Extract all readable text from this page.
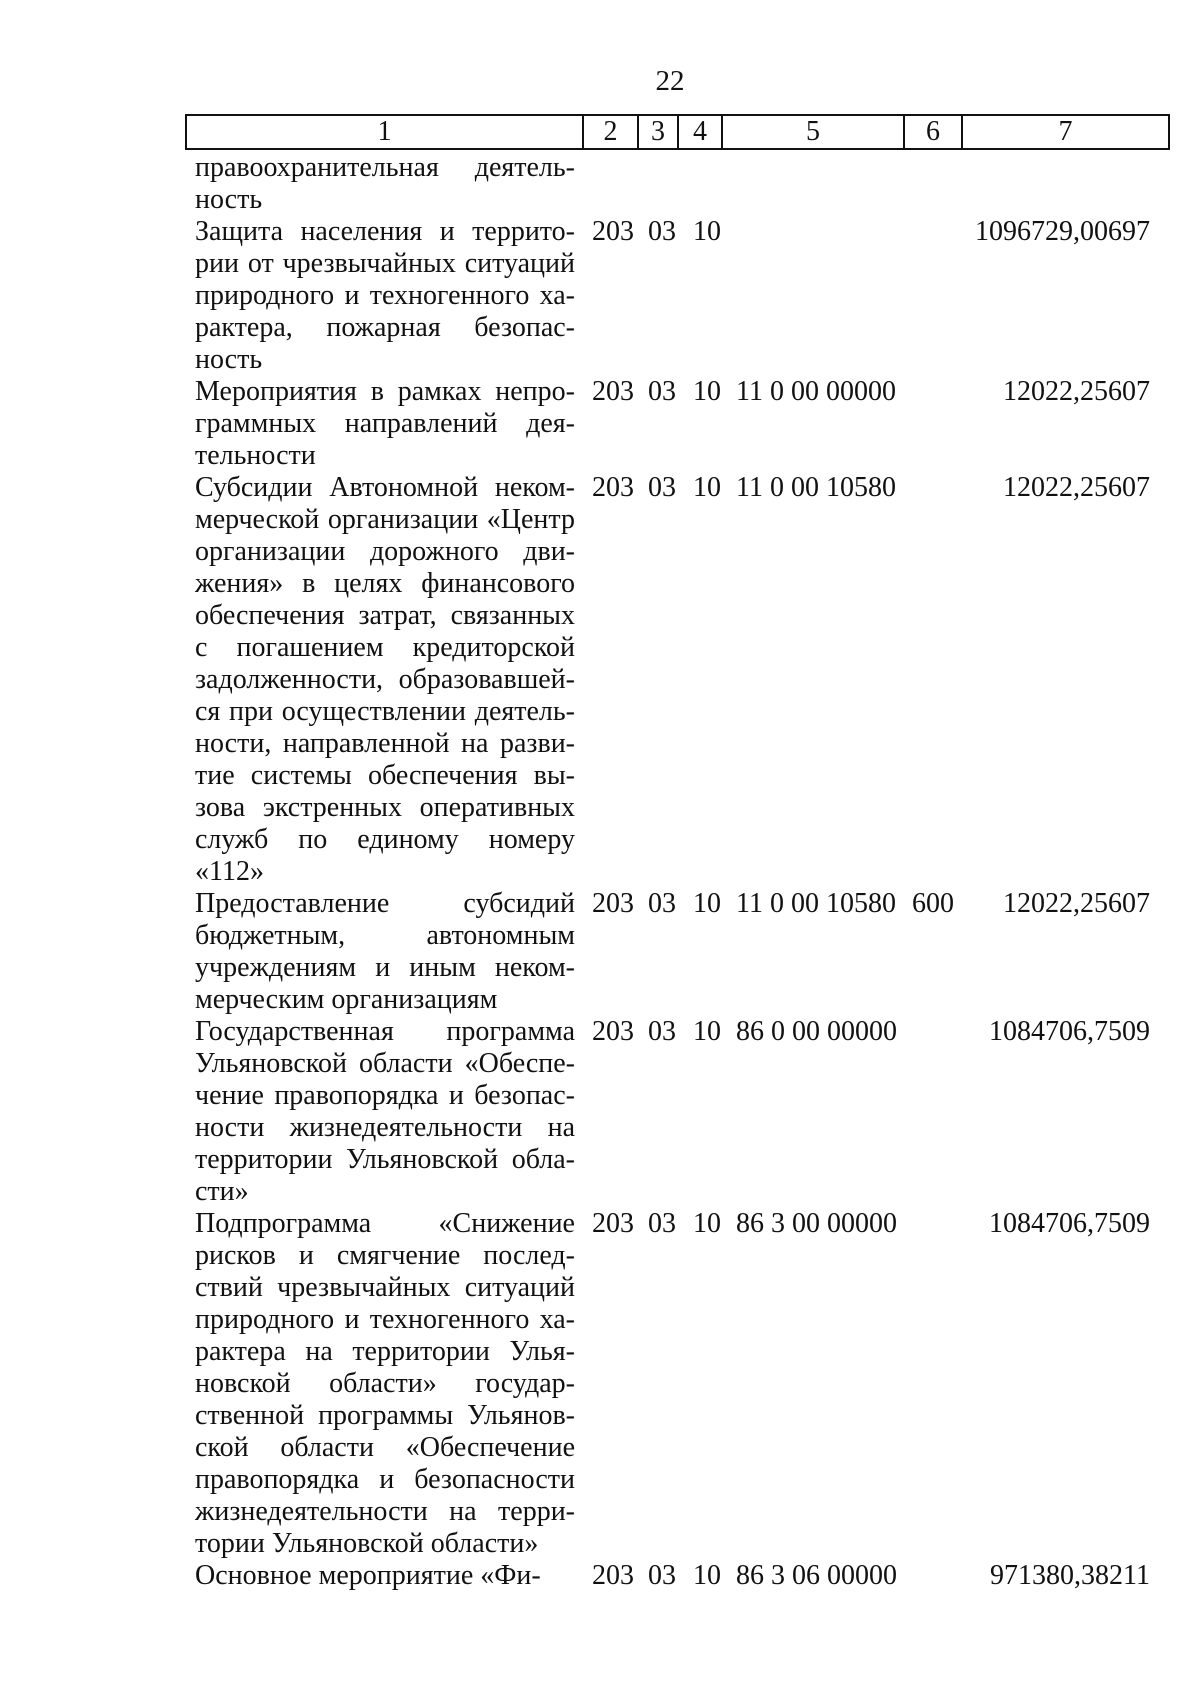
22
1	2	3	4	5	6	7
правоохранительная деятель-
ность
Защита населения и террито-
рии от чрезвычайных ситуаций
природного и техногенного ха-
рактера, пожарная безопас-
ность
203 03 10	1096729,00697
Мероприятия в рамках непро-
граммных направлений дея-
тельности
203 03 10 11 0 00 00000	12022,25607
Субсидии Автономной неком-
мерческой организации «Центр
организации дорожного дви-
жения» в целях финансового
обеспечения затрат, связанных
с погашением кредиторской
задолженности, образовавшей-
ся при осуществлении деятель-
ности, направленной на разви-
тие системы обеспечения вы-
зова экстренных оперативных
служб по единому номеру
«112»
203 03 10 11 0 00 10580	12022,25607
Предоставление субсидий
бюджетным, автономным
учреждениям и иным неком-
мерческим организациям
203 03 10 11 0 00 10580 600 12022,25607
Государственная программа
Ульяновской области «Обеспе-
чение правопорядка и безопас-
ности жизнедеятельности на
территории Ульяновской обла-
сти»
203 03 10 86 0 00 00000	1084706,7509
Подпрограмма «Снижение
рисков и смягчение послед-
ствий чрезвычайных ситуаций
природного и техногенного ха-
рактера на территории Улья-
новской области» государ-
ственной программы Ульянов-
ской области «Обеспечение
правопорядка и безопасности
жизнедеятельности на терри-
тории Ульяновской области»
203 03 10 86 3 00 00000	1084706,7509
Основное мероприятие «Фи-	203 03 10 86 3 06 00000	971380,38211
